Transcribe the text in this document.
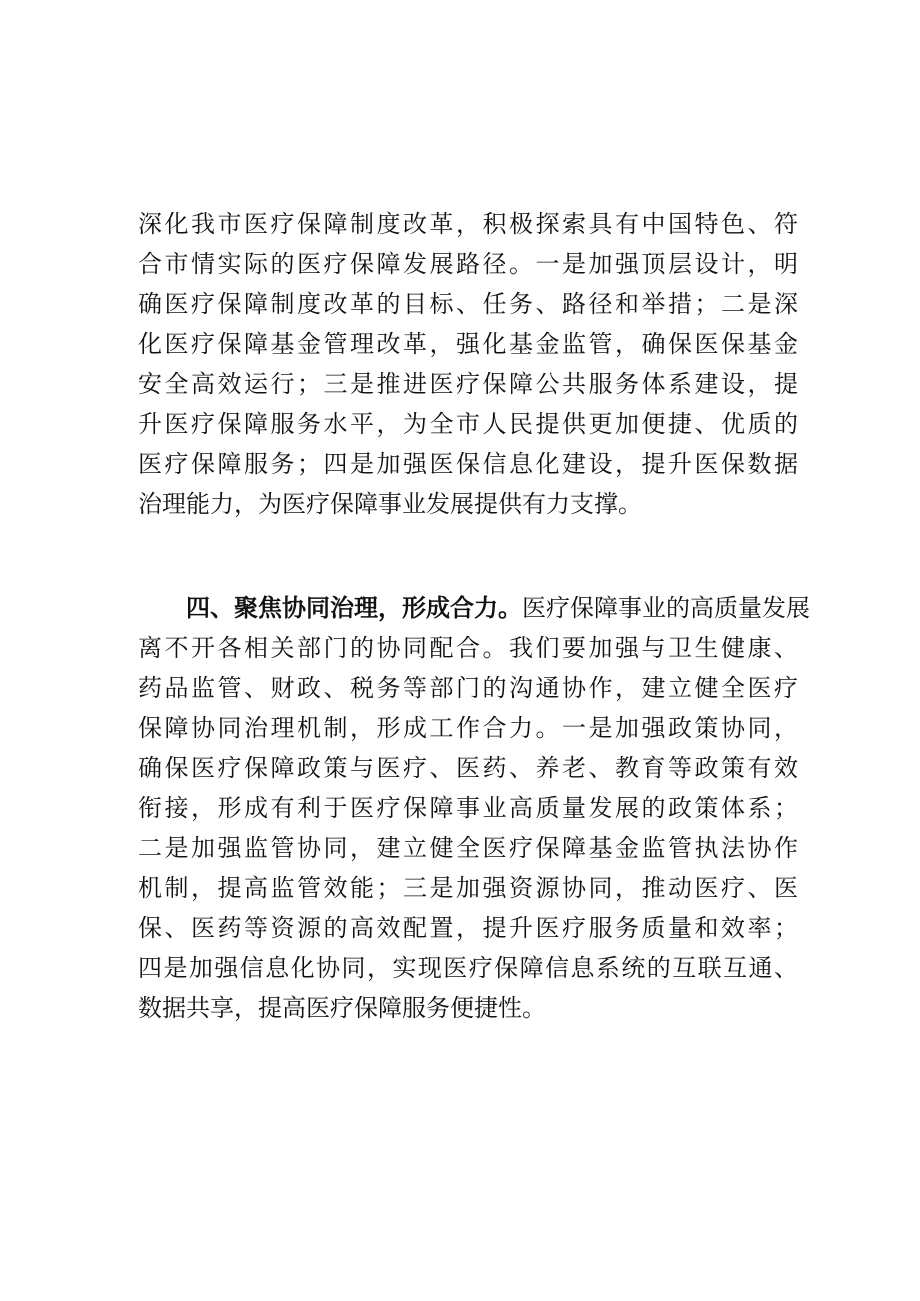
深化我市医疗保障制度改革，积极探索具有中国特色、符
合市情实际的医疗保障发展路径。一是加强顶层设计，明
确医疗保障制度改革的目标、任务、路径和举措；二是深
化医疗保障基金管理改革，强化基金监管，确保医保基金
安全高效运行；三是推进医疗保障公共服务体系建设，提
升医疗保障服务水平，为全市人民提供更加便捷、优质的
医疗保障服务；四是加强医保信息化建设，提升医保数据
治理能力，为医疗保障事业发展提供有力支撑。
四、聚焦协同治理，形成合力。医疗保障事业的高质量发展
离不开各相关部门的协同配合。我们要加强与卫生健康、
药品监管、财政、税务等部门的沟通协作，建立健全医疗
保障协同治理机制，形成工作合力。一是加强政策协同，
确保医疗保障政策与医疗、医药、养老、教育等政策有效
衔接，形成有利于医疗保障事业高质量发展的政策体系；
二是加强监管协同，建立健全医疗保障基金监管执法协作
机制，提高监管效能；三是加强资源协同，推动医疗、医
保、医药等资源的高效配置，提升医疗服务质量和效率；
四是加强信息化协同，实现医疗保障信息系统的互联互通、
数据共享，提高医疗保障服务便捷性。
